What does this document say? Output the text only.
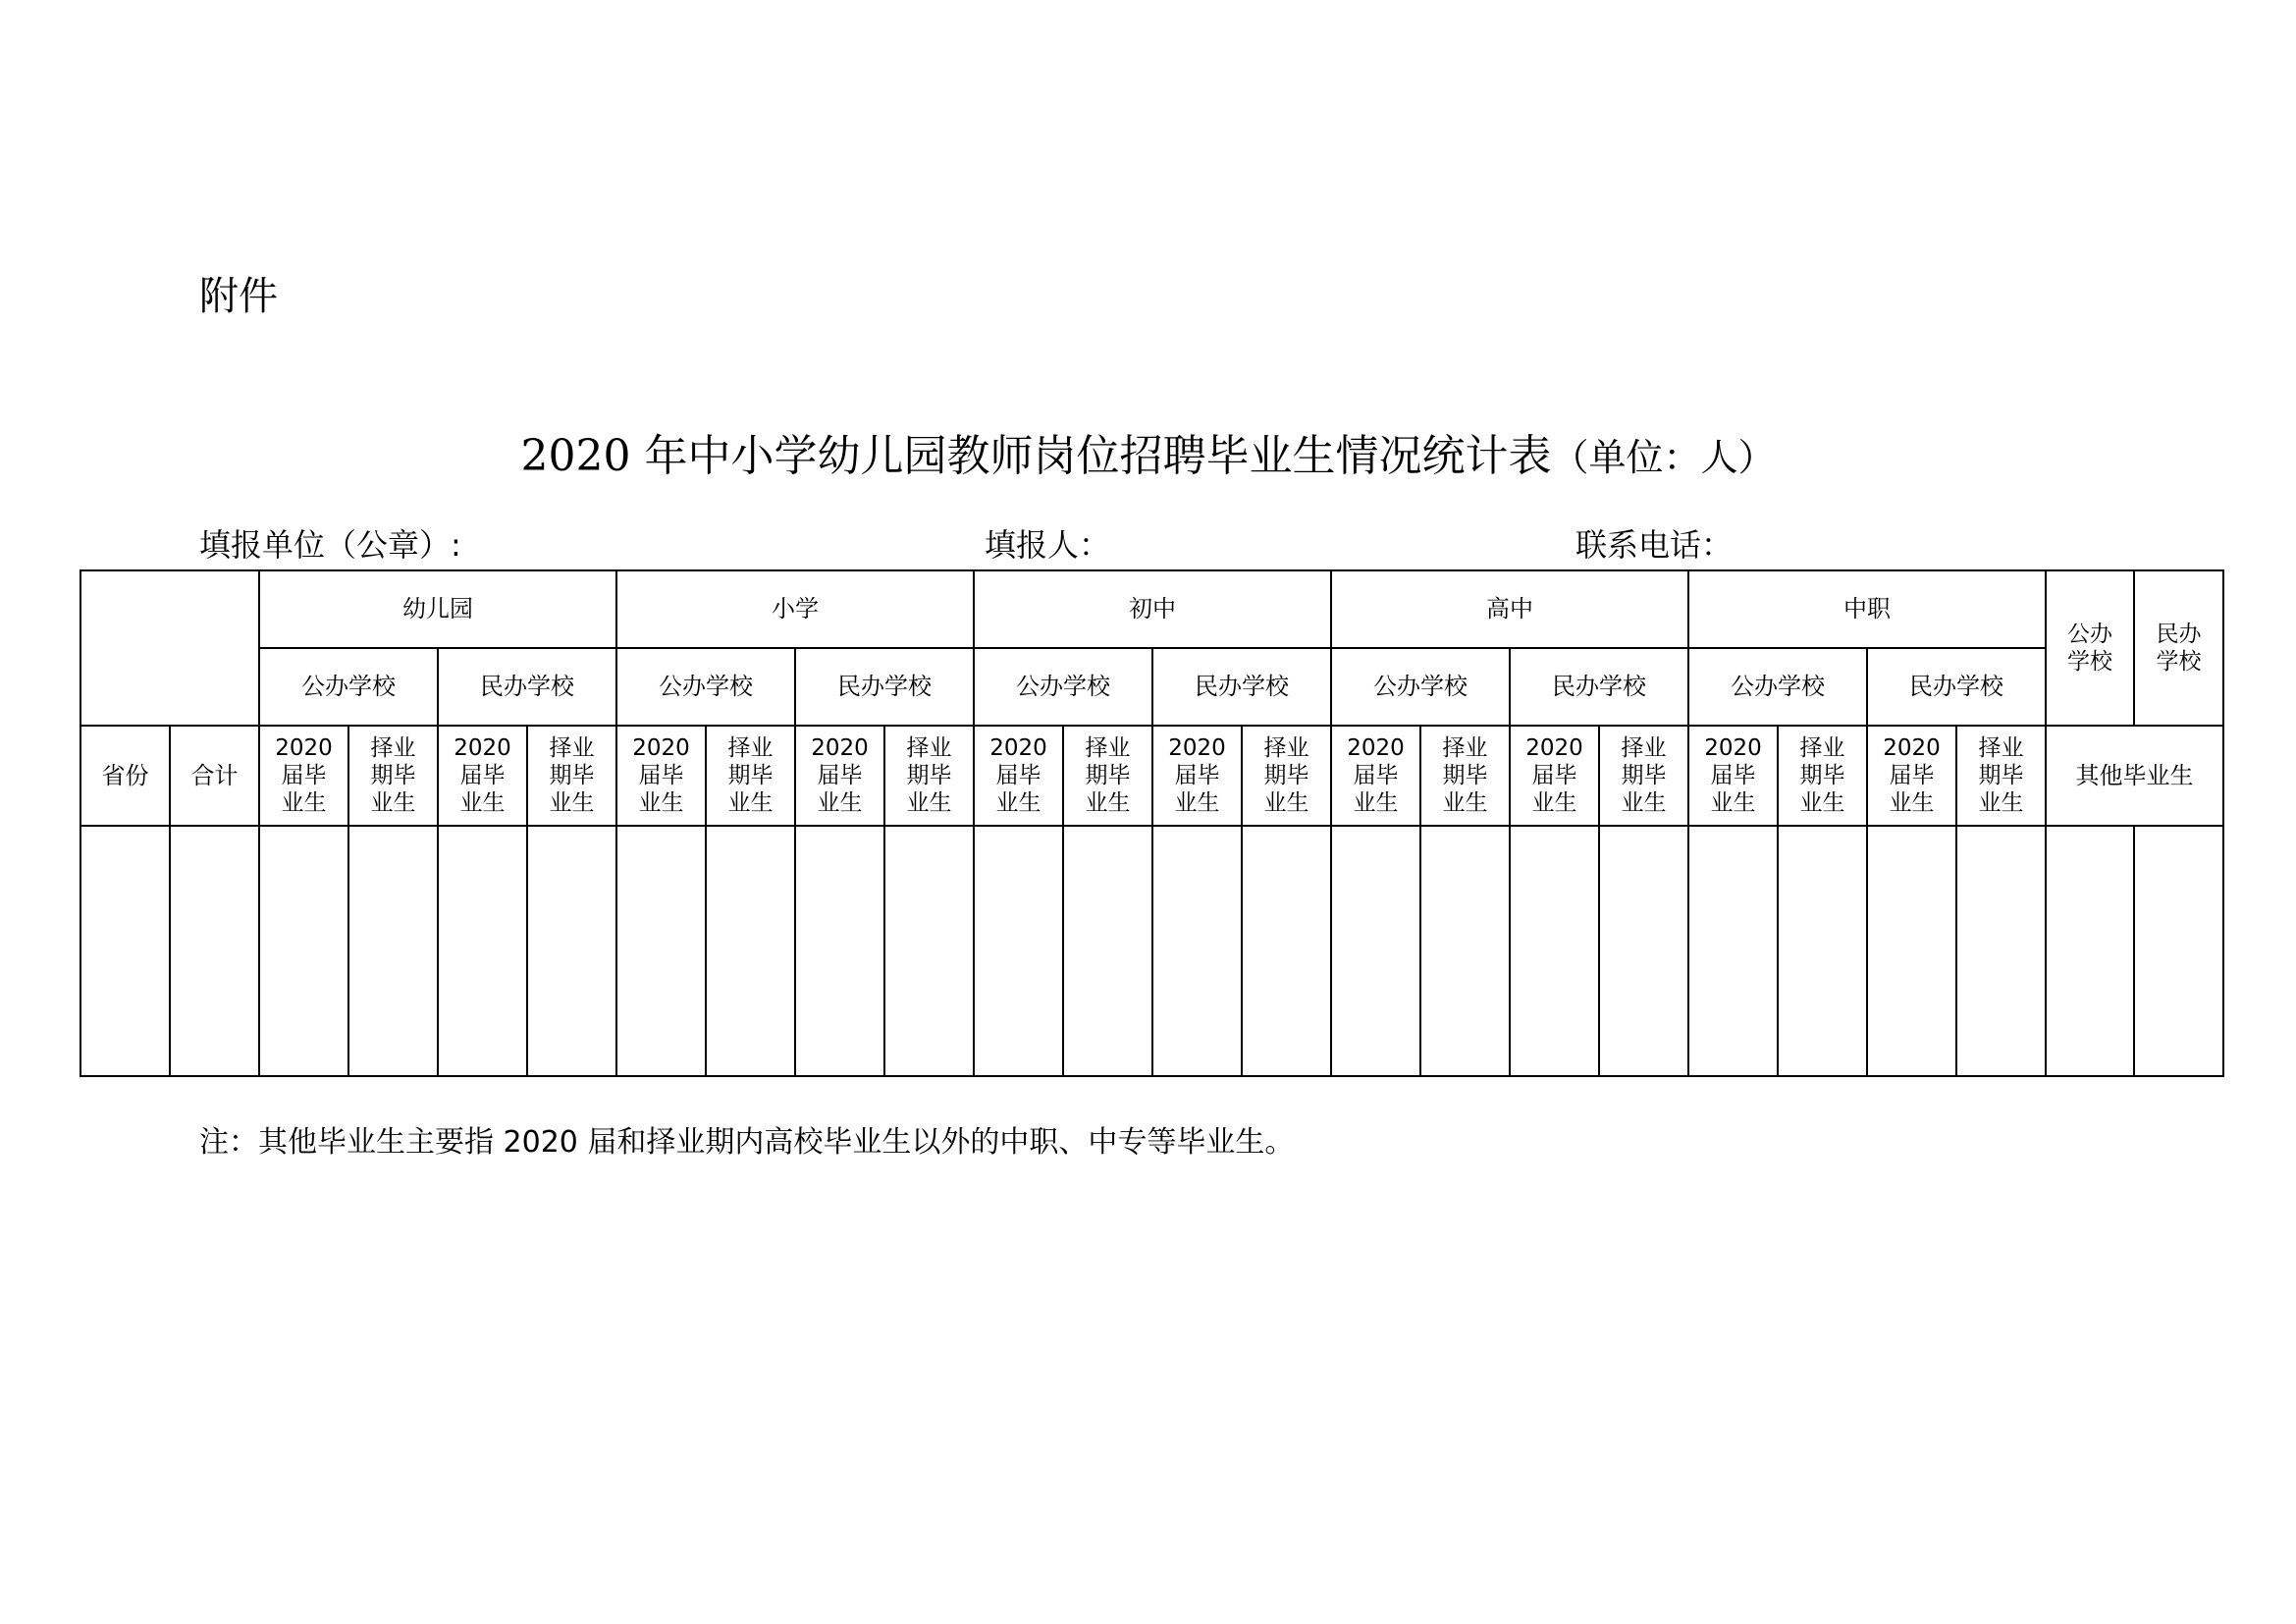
附件
2020 年中小学幼儿园教师岗位招聘毕业生情况统计表（单位：人）
填报单位（公章）:	填报人：	联系电话：
		幼儿园				小学				初中				高中				中职				公办
学校	民办
学校
		公办学校		民办学校		公办学校		民办学校		公办学校		民办学校		公办学校		民办学校		公办学校		民办学校			
省份	合计	2020
届毕
业生	择业
期毕
业生	2020
届毕
业生	择业
期毕
业生	2020
届毕
业生	择业
期毕
业生	2020
届毕
业生	择业
期毕
业生	2020
届毕
业生	择业
期毕
业生	2020
届毕
业生	择业
期毕
业生	2020
届毕
业生	择业
期毕
业生	2020
届毕
业生	择业
期毕
业生	2020
届毕
业生	择业
期毕
业生	2020
届毕
业生	择业
期毕
业生	其他毕业生	

注：其他毕业生主要指 2020 届和择业期内高校毕业生以外的中职、中专等毕业生。
